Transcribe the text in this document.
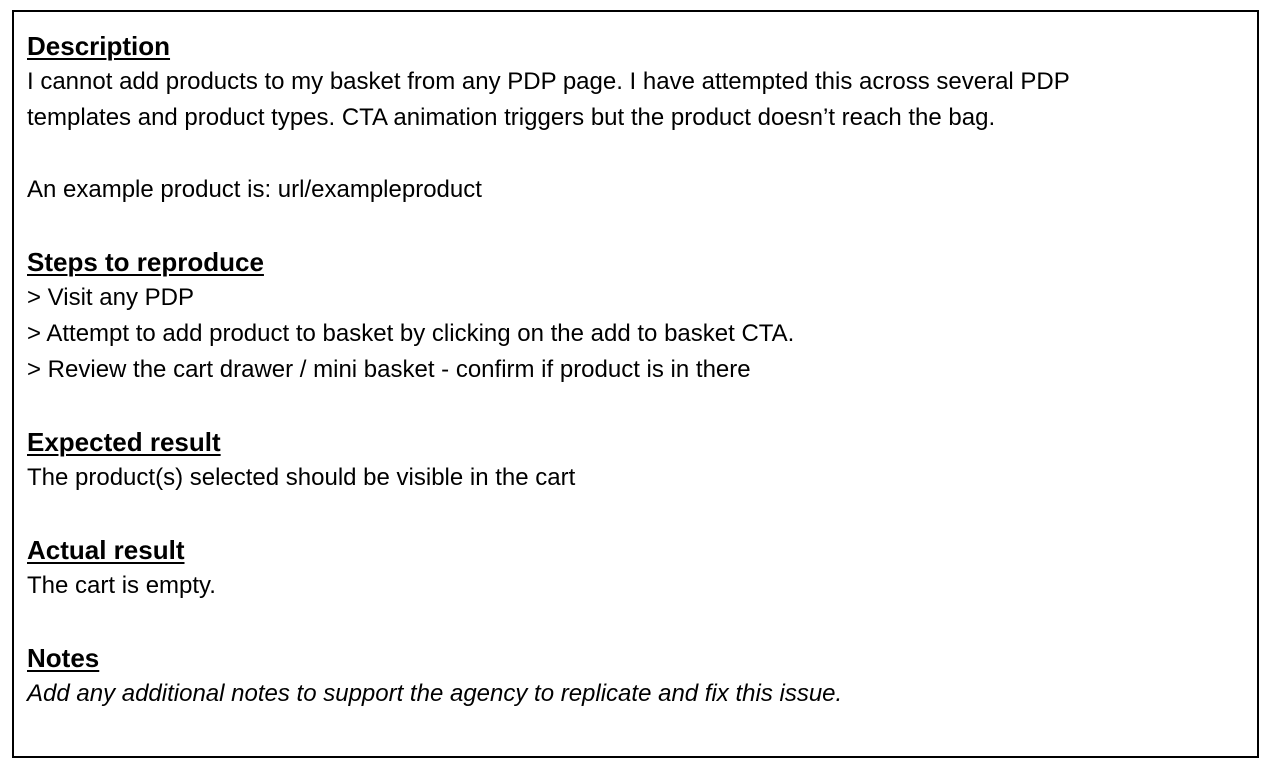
Description
I cannot add products to my basket from any PDP page. I have attempted this across several PDP
templates and product types. CTA animation triggers but the product doesn’t reach the bag.
An example product is: url/exampleproduct
Steps to reproduce
> Visit any PDP
> Attempt to add product to basket by clicking on the add to basket CTA.
> Review the cart drawer / mini basket - confirm if product is in there
Expected result
The product(s) selected should be visible in the cart
Actual result
The cart is empty.
Notes
Add any additional notes to support the agency to replicate and fix this issue.
